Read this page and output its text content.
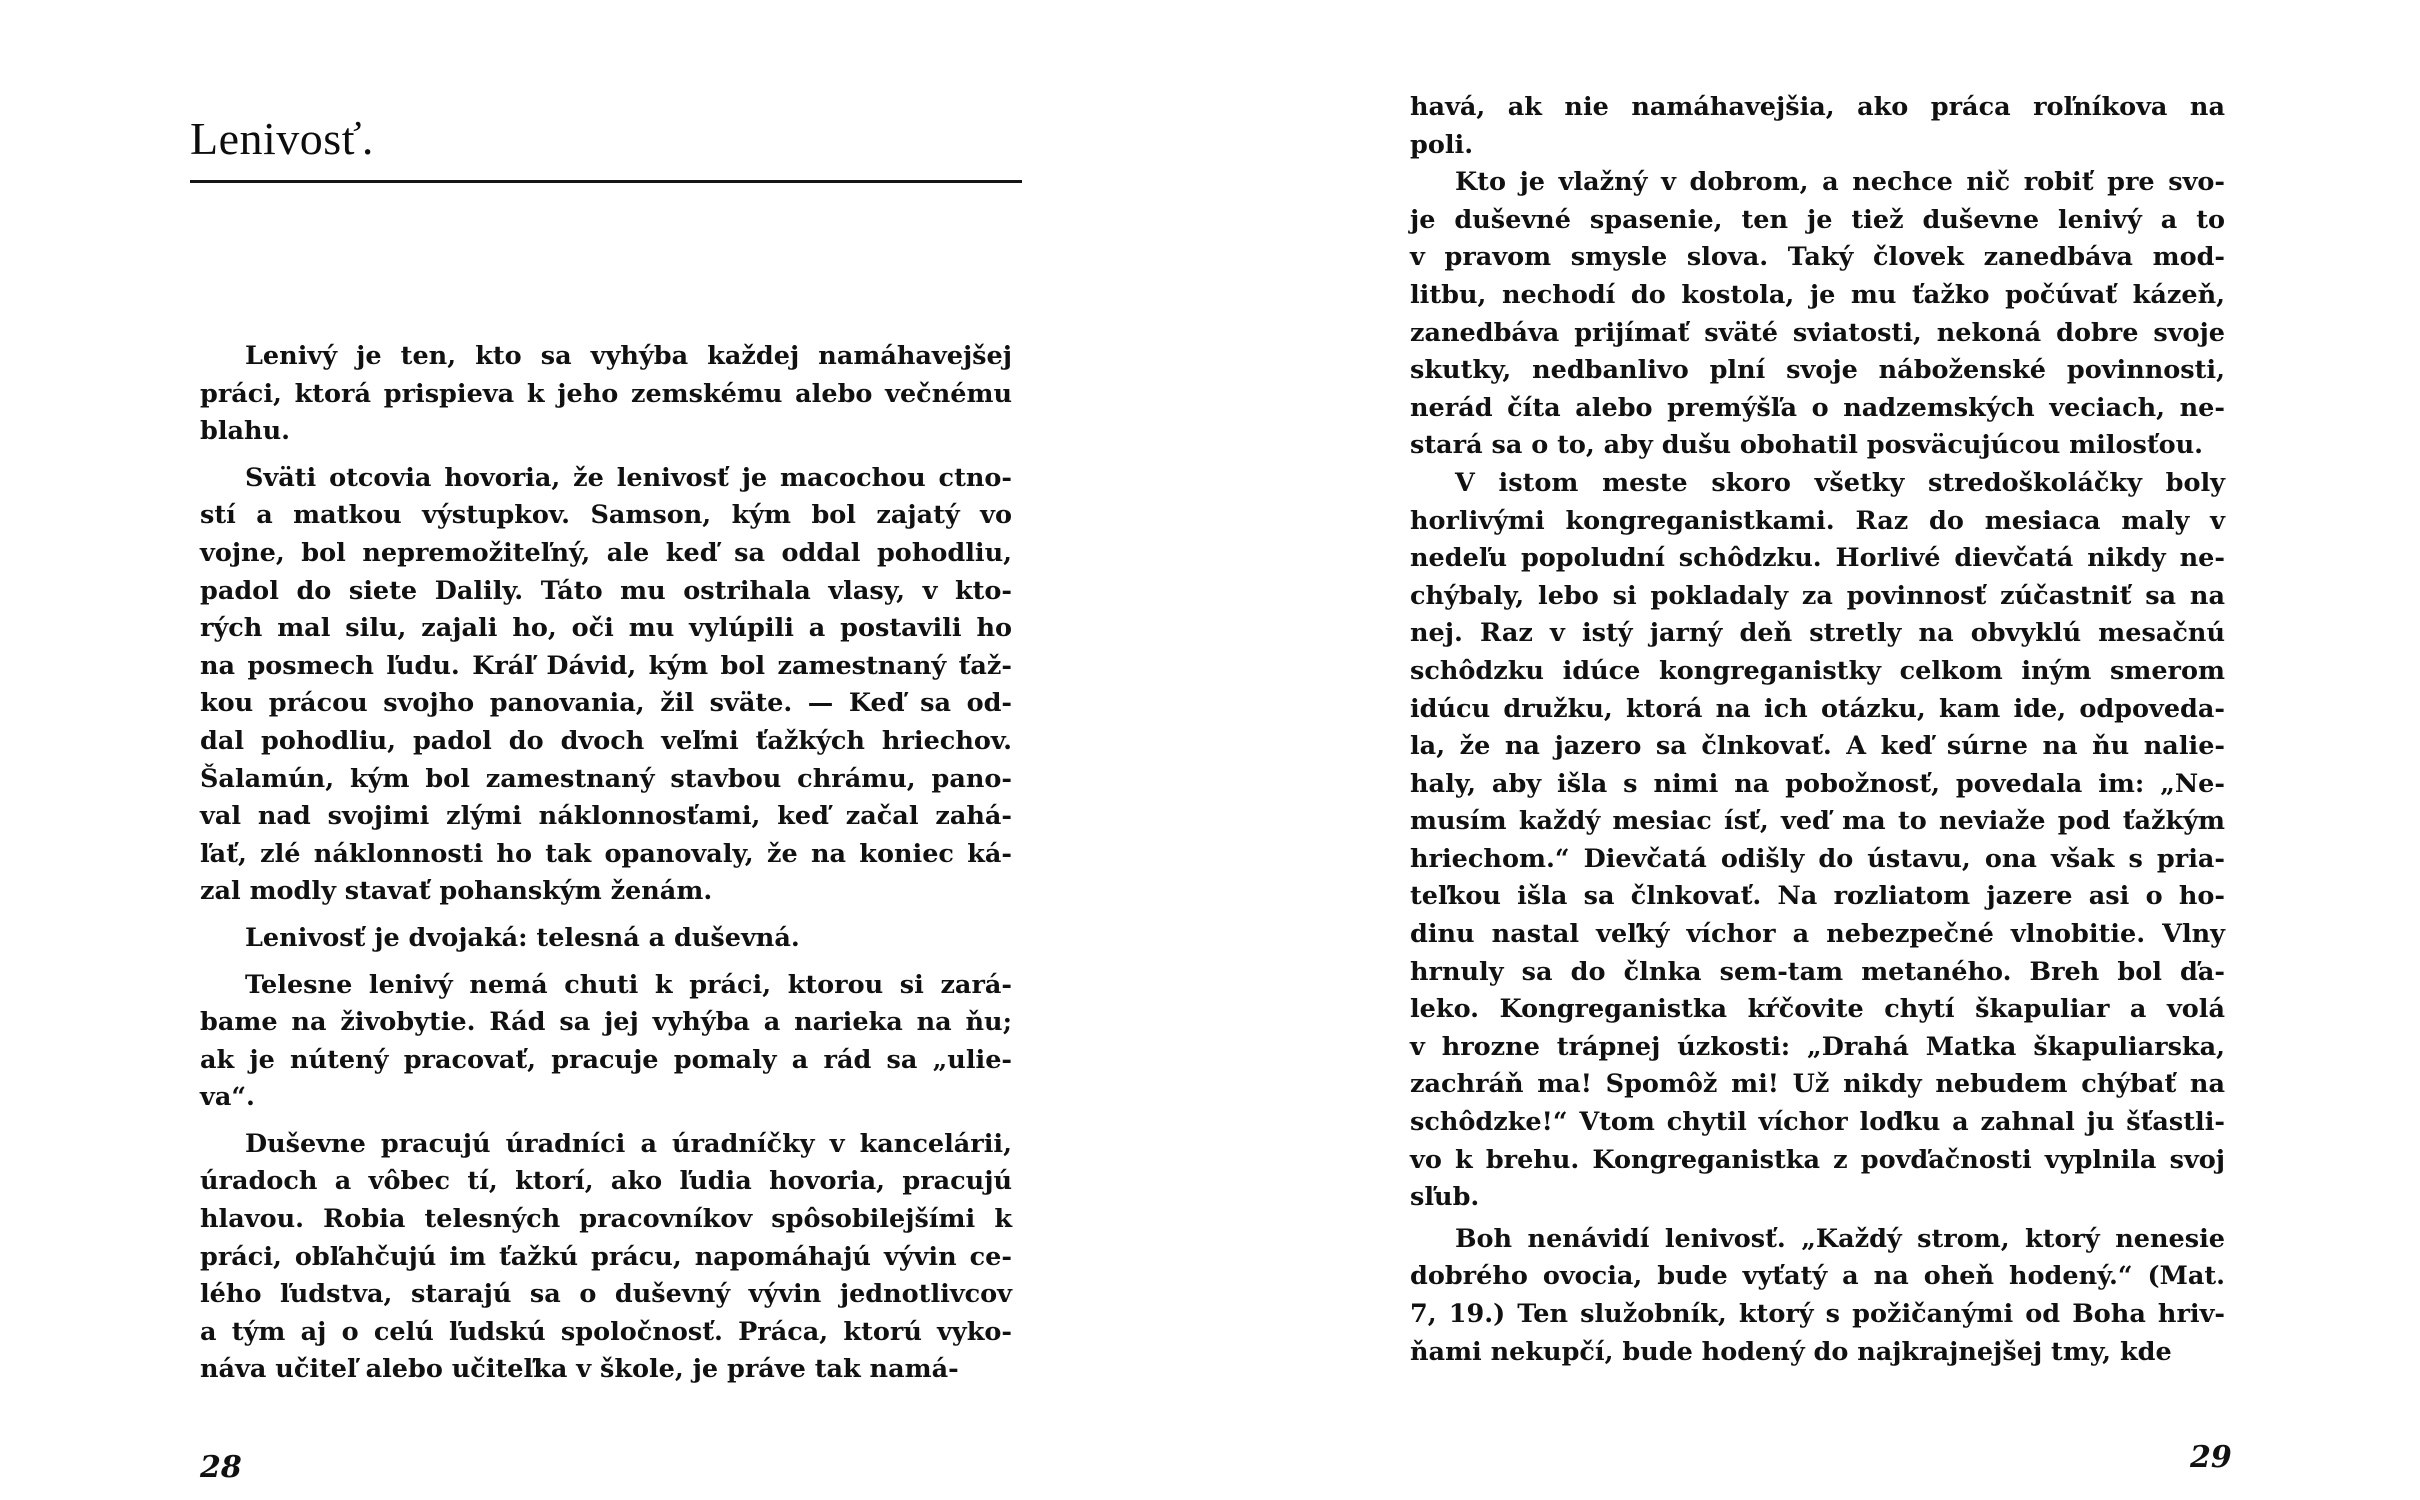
Lenivosť.

Lenivý je ten, kto sa vyhýba každej namáhavejšej
práci, ktorá prispieva k jeho zemskému alebo večnému
blahu.

Sväti otcovia hovoria, že lenivosť je macochou ctno-
stí a matkou výstupkov. Samson, kým bol zajatý vo
vojne, bol nepremožiteľný, ale keď sa oddal pohodliu,
padol do siete Dalily. Táto mu ostrihala vlasy, v kto-
rých mal silu, zajali ho, oči mu vylúpili a postavili ho
na posmech ľudu. Kráľ Dávid, kým bol zamestnaný ťaž-
kou prácou svojho panovania, žil sväte. — Keď sa od-
dal pohodliu, padol do dvoch veľmi ťažkých hriechov.
Šalamún, kým bol zamestnaný stavbou chrámu, pano-
val nad svojimi zlými náklonnosťami, keď začal zahá-
ľať, zlé náklonnosti ho tak opanovaly, že na koniec ká-
zal modly stavať pohanským ženám.

Lenivosť je dvojaká: telesná a duševná.

Telesne lenivý nemá chuti k práci, ktorou si zará-
bame na živobytie. Rád sa jej vyhýba a narieka na ňu;
ak je nútený pracovať, pracuje pomaly a rád sa „ulie-
va“.

Duševne pracujú úradníci a úradníčky v kancelárii,
úradoch a vôbec tí, ktorí, ako ľudia hovoria, pracujú
hlavou. Robia telesných pracovníkov spôsobilejšími k
práci, obľahčujú im ťažkú prácu, napomáhajú vývin ce-
lého ľudstva, starajú sa o duševný vývin jednotlivcov
a tým aj o celú ľudskú spoločnosť. Práca, ktorú vyko-
náva učiteľ alebo učiteľka v škole, je práve tak namá-

28

havá, ak nie namáhavejšia, ako práca roľníkova na
poli.

Kto je vlažný v dobrom, a nechce nič robiť pre svo-
je duševné spasenie, ten je tiež duševne lenivý a to
v pravom smysle slova. Taký človek zanedbáva mod-
litbu, nechodí do kostola, je mu ťažko počúvať kázeň,
zanedbáva prijímať sväté sviatosti, nekoná dobre svoje
skutky, nedbanlivo plní svoje náboženské povinnosti,
nerád číta alebo premýšľa o nadzemských veciach, ne-
stará sa o to, aby dušu obohatil posväcujúcou milosťou.

V istom meste skoro všetky stredoškoláčky boly
horlivými kongreganistkami. Raz do mesiaca maly v
nedeľu popoludní schôdzku. Horlivé dievčatá nikdy ne-
chýbaly, lebo si pokladaly za povinnosť zúčastniť sa na
nej. Raz v istý jarný deň stretly na obvyklú mesačnú
schôdzku idúce kongreganistky celkom iným smerom
idúcu družku, ktorá na ich otázku, kam ide, odpoveda-
la, že na jazero sa člnkovať. A keď súrne na ňu nalie-
haly, aby išla s nimi na pobožnosť, povedala im: „Ne-
musím každý mesiac ísť, veď ma to neviaže pod ťažkým
hriechom.“ Dievčatá odišly do ústavu, ona však s pria-
teľkou išla sa člnkovať. Na rozliatom jazere asi o ho-
dinu nastal veľký víchor a nebezpečné vlnobitie. Vlny
hrnuly sa do člnka sem-tam metaného. Breh bol ďa-
leko. Kongreganistka kŕčovite chytí škapuliar a volá
v hrozne trápnej úzkosti: „Drahá Matka škapuliarska,
zachráň ma! Spomôž mi! Už nikdy nebudem chýbať na
schôdzke!“ Vtom chytil víchor loďku a zahnal ju šťastli-
vo k brehu. Kongreganistka z povďačnosti vyplnila svoj
sľub.

Boh nenávidí lenivosť. „Každý strom, ktorý nenesie
dobrého ovocia, bude vyťatý a na oheň hodený.“ (Mat.
7, 19.) Ten služobník, ktorý s požičanými od Boha hriv-
ňami nekupčí, bude hodený do najkrajnejšej tmy, kde

29
